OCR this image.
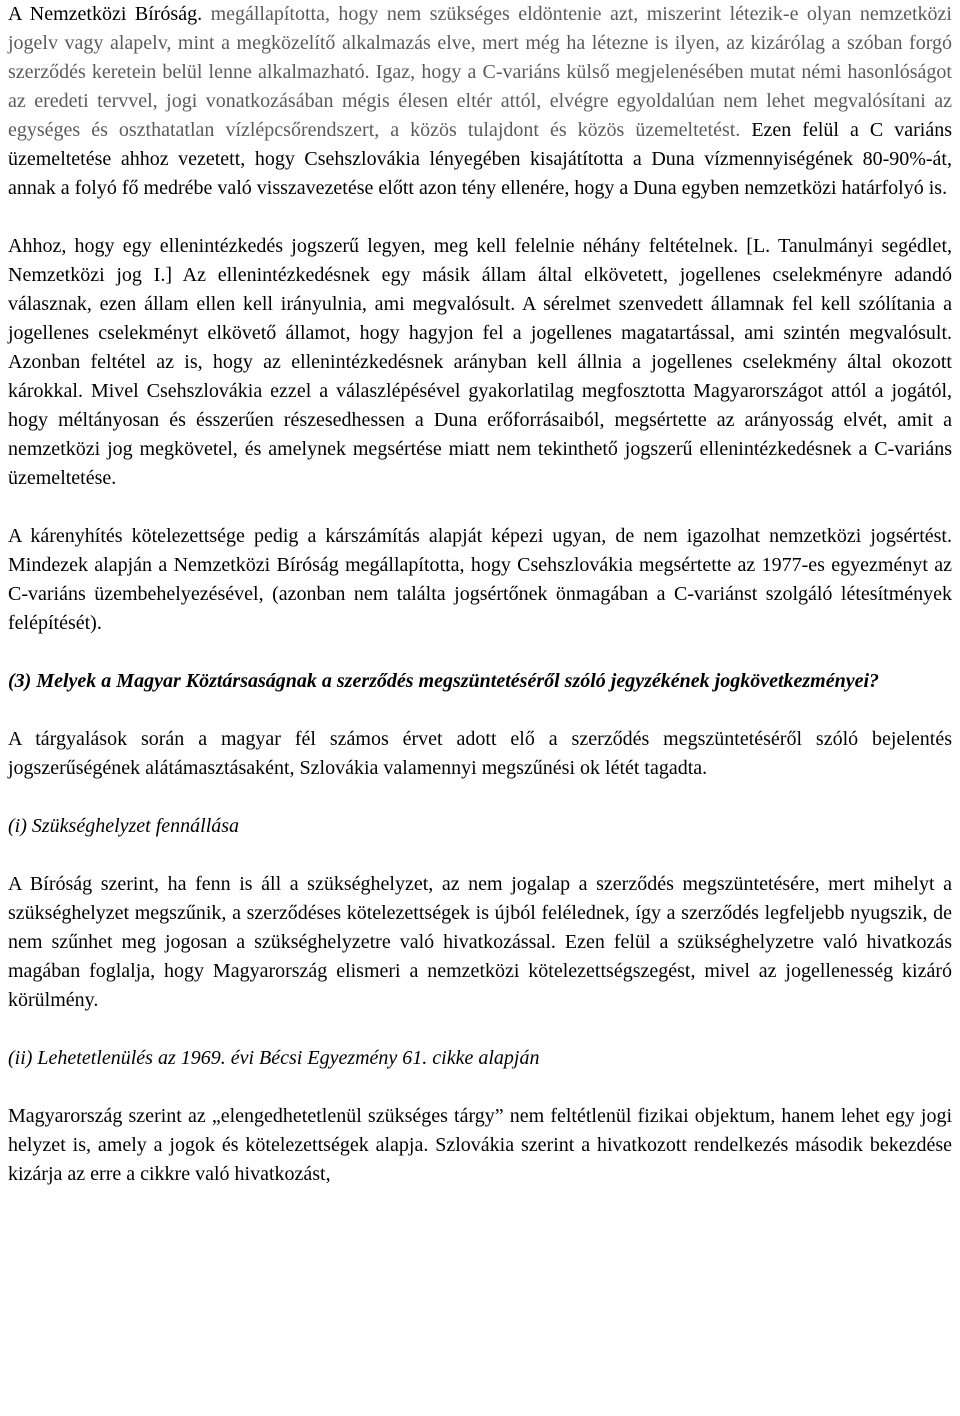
A Nemzetközi Bíróság. megállapította, hogy nem szükséges eldöntenie azt, miszerint létezik-e olyan nemzetközi jogelv vagy alapelv, mint a megközelítő alkalmazás elve, mert még ha létezne is ilyen, az kizárólag a szóban forgó szerződés keretein belül lenne alkalmazható. Igaz, hogy a C-variáns külső megjelenésében mutat némi hasonlóságot az eredeti tervvel, jogi vonatkozásában mégis élesen eltér attól, elvégre egyoldalúan nem lehet megvalósítani az egységes és oszthatatlan vízlépcsőrendszert, a közös tulajdont és közös üzemeltetést. Ezen felül a C variáns üzemeltetése ahhoz vezetett, hogy Csehszlovákia lényegében kisajátította a Duna vízmennyiségének 80-90%-át, annak a folyó fő medrébe való visszavezetése előtt azon tény ellenére, hogy a Duna egyben nemzetközi határfolyó is.

Ahhoz, hogy egy ellenintézkedés jogszerű legyen, meg kell felelnie néhány feltételnek. [L. Tanulmányi segédlet, Nemzetközi jog I.] Az ellenintézkedésnek egy másik állam által elkövetett, jogellenes cselekményre adandó válasznak, ezen állam ellen kell irányulnia, ami megvalósult. A sérelmet szenvedett államnak fel kell szólítania a jogellenes cselekményt elkövető államot, hogy hagyjon fel a jogellenes magatartással, ami szintén megvalósult. Azonban feltétel az is, hogy az ellenintézkedésnek arányban kell állnia a jogellenes cselekmény által okozott károkkal. Mivel Csehszlovákia ezzel a válaszlépésével gyakorlatilag megfosztotta Magyarországot attól a jogától, hogy méltányosan és ésszerűen részesedhessen a Duna erőforrásaiból, megsértette az arányosság elvét, amit a nemzetközi jog megkövetel, és amelynek megsértése miatt nem tekinthető jogszerű ellenintézkedésnek a C-variáns üzemeltetése.

A kárenyhítés kötelezettsége pedig a kárszámítás alapját képezi ugyan, de nem igazolhat nemzetközi jogsértést. Mindezek alapján a Nemzetközi Bíróság megállapította, hogy Csehszlovákia megsértette az 1977-es egyezményt az C-variáns üzembehelyezésével, (azonban nem találta jogsértőnek önmagában a C-variánst szolgáló létesítmények felépítését).

(3) Melyek a Magyar Köztársaságnak a szerződés megszüntetéséről szóló jegyzékének jogkövetkezményei?

A tárgyalások során a magyar fél számos érvet adott elő a szerződés megszüntetéséről szóló bejelentés jogszerűségének alátámasztásaként, Szlovákia valamennyi megszűnési ok létét tagadta.

(i) Szükséghelyzet fennállása

A Bíróság szerint, ha fenn is áll a szükséghelyzet, az nem jogalap a szerződés megszüntetésére, mert mihelyt a szükséghelyzet megszűnik, a szerződéses kötelezettségek is újból felélednek, így a szerződés legfeljebb nyugszik, de nem szűnhet meg jogosan a szükséghelyzetre való hivatkozással. Ezen felül a szükséghelyzetre való hivatkozás magában foglalja, hogy Magyarország elismeri a nemzetközi kötelezettségszegést, mivel az jogellenesség kizáró körülmény.

(ii) Lehetetlenülés az 1969. évi Bécsi Egyezmény 61. cikke alapján

Magyarország szerint az „elengedhetetlenül szükséges tárgy” nem feltétlenül fizikai objektum, hanem lehet egy jogi helyzet is, amely a jogok és kötelezettségek alapja. Szlovákia szerint a hivatkozott rendelkezés második bekezdése kizárja az erre a cikkre való hivatkozást,
